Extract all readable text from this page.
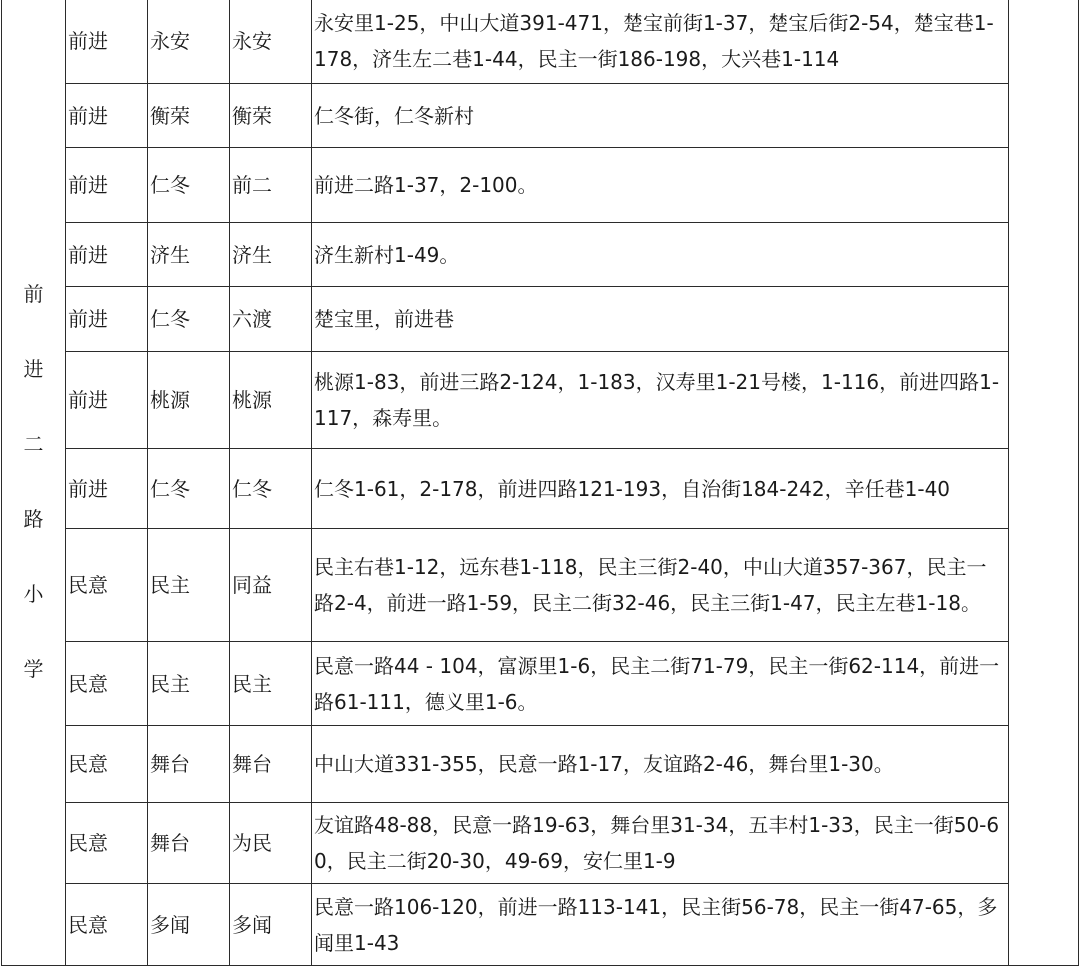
前进二路小学	前进	永安	永安	永安里1-25，中山大道391-471，楚宝前街1-37，楚宝后街2-54，楚宝巷1-178，济生左二巷1-44，民主一街186-198，大兴巷1-114	
	前进	衡荣	衡荣	仁冬街，仁冬新村	
	前进	仁冬	前二	前进二路1-37，2-100。	
	前进	济生	济生	济生新村1-49。	
	前进	仁冬	六渡	楚宝里，前进巷	
	前进	桃源	桃源	桃源1-83，前进三路2-124，1-183，汉寿里1-21号楼，1-116，前进四路1-117，森寿里。	
	前进	仁冬	仁冬	仁冬1-61，2-178，前进四路121-193，自治街184-242，辛任巷1-40	
	民意	民主	同益	民主右巷1-12，远东巷1-118，民主三街2-40，中山大道357-367，民主一路2-4，前进一路1-59，民主二街32-46，民主三街1-47，民主左巷1-18。	
	民意	民主	民主	民意一路44 - 104，富源里1-6，民主二街71-79，民主一街62-114，前进一路61-111，德义里1-6。	
	民意	舞台	舞台	中山大道331-355，民意一路1-17，友谊路2-46，舞台里1-30。	
	民意	舞台	为民	友谊路48-88，民意一路19-63，舞台里31-34，五丰村1-33，民主一街50-60，民主二街20-30，49-69，安仁里1-9	
	民意	多闻	多闻	民意一路106-120，前进一路113-141，民主街56-78，民主一街47-65，多闻里1-43	
